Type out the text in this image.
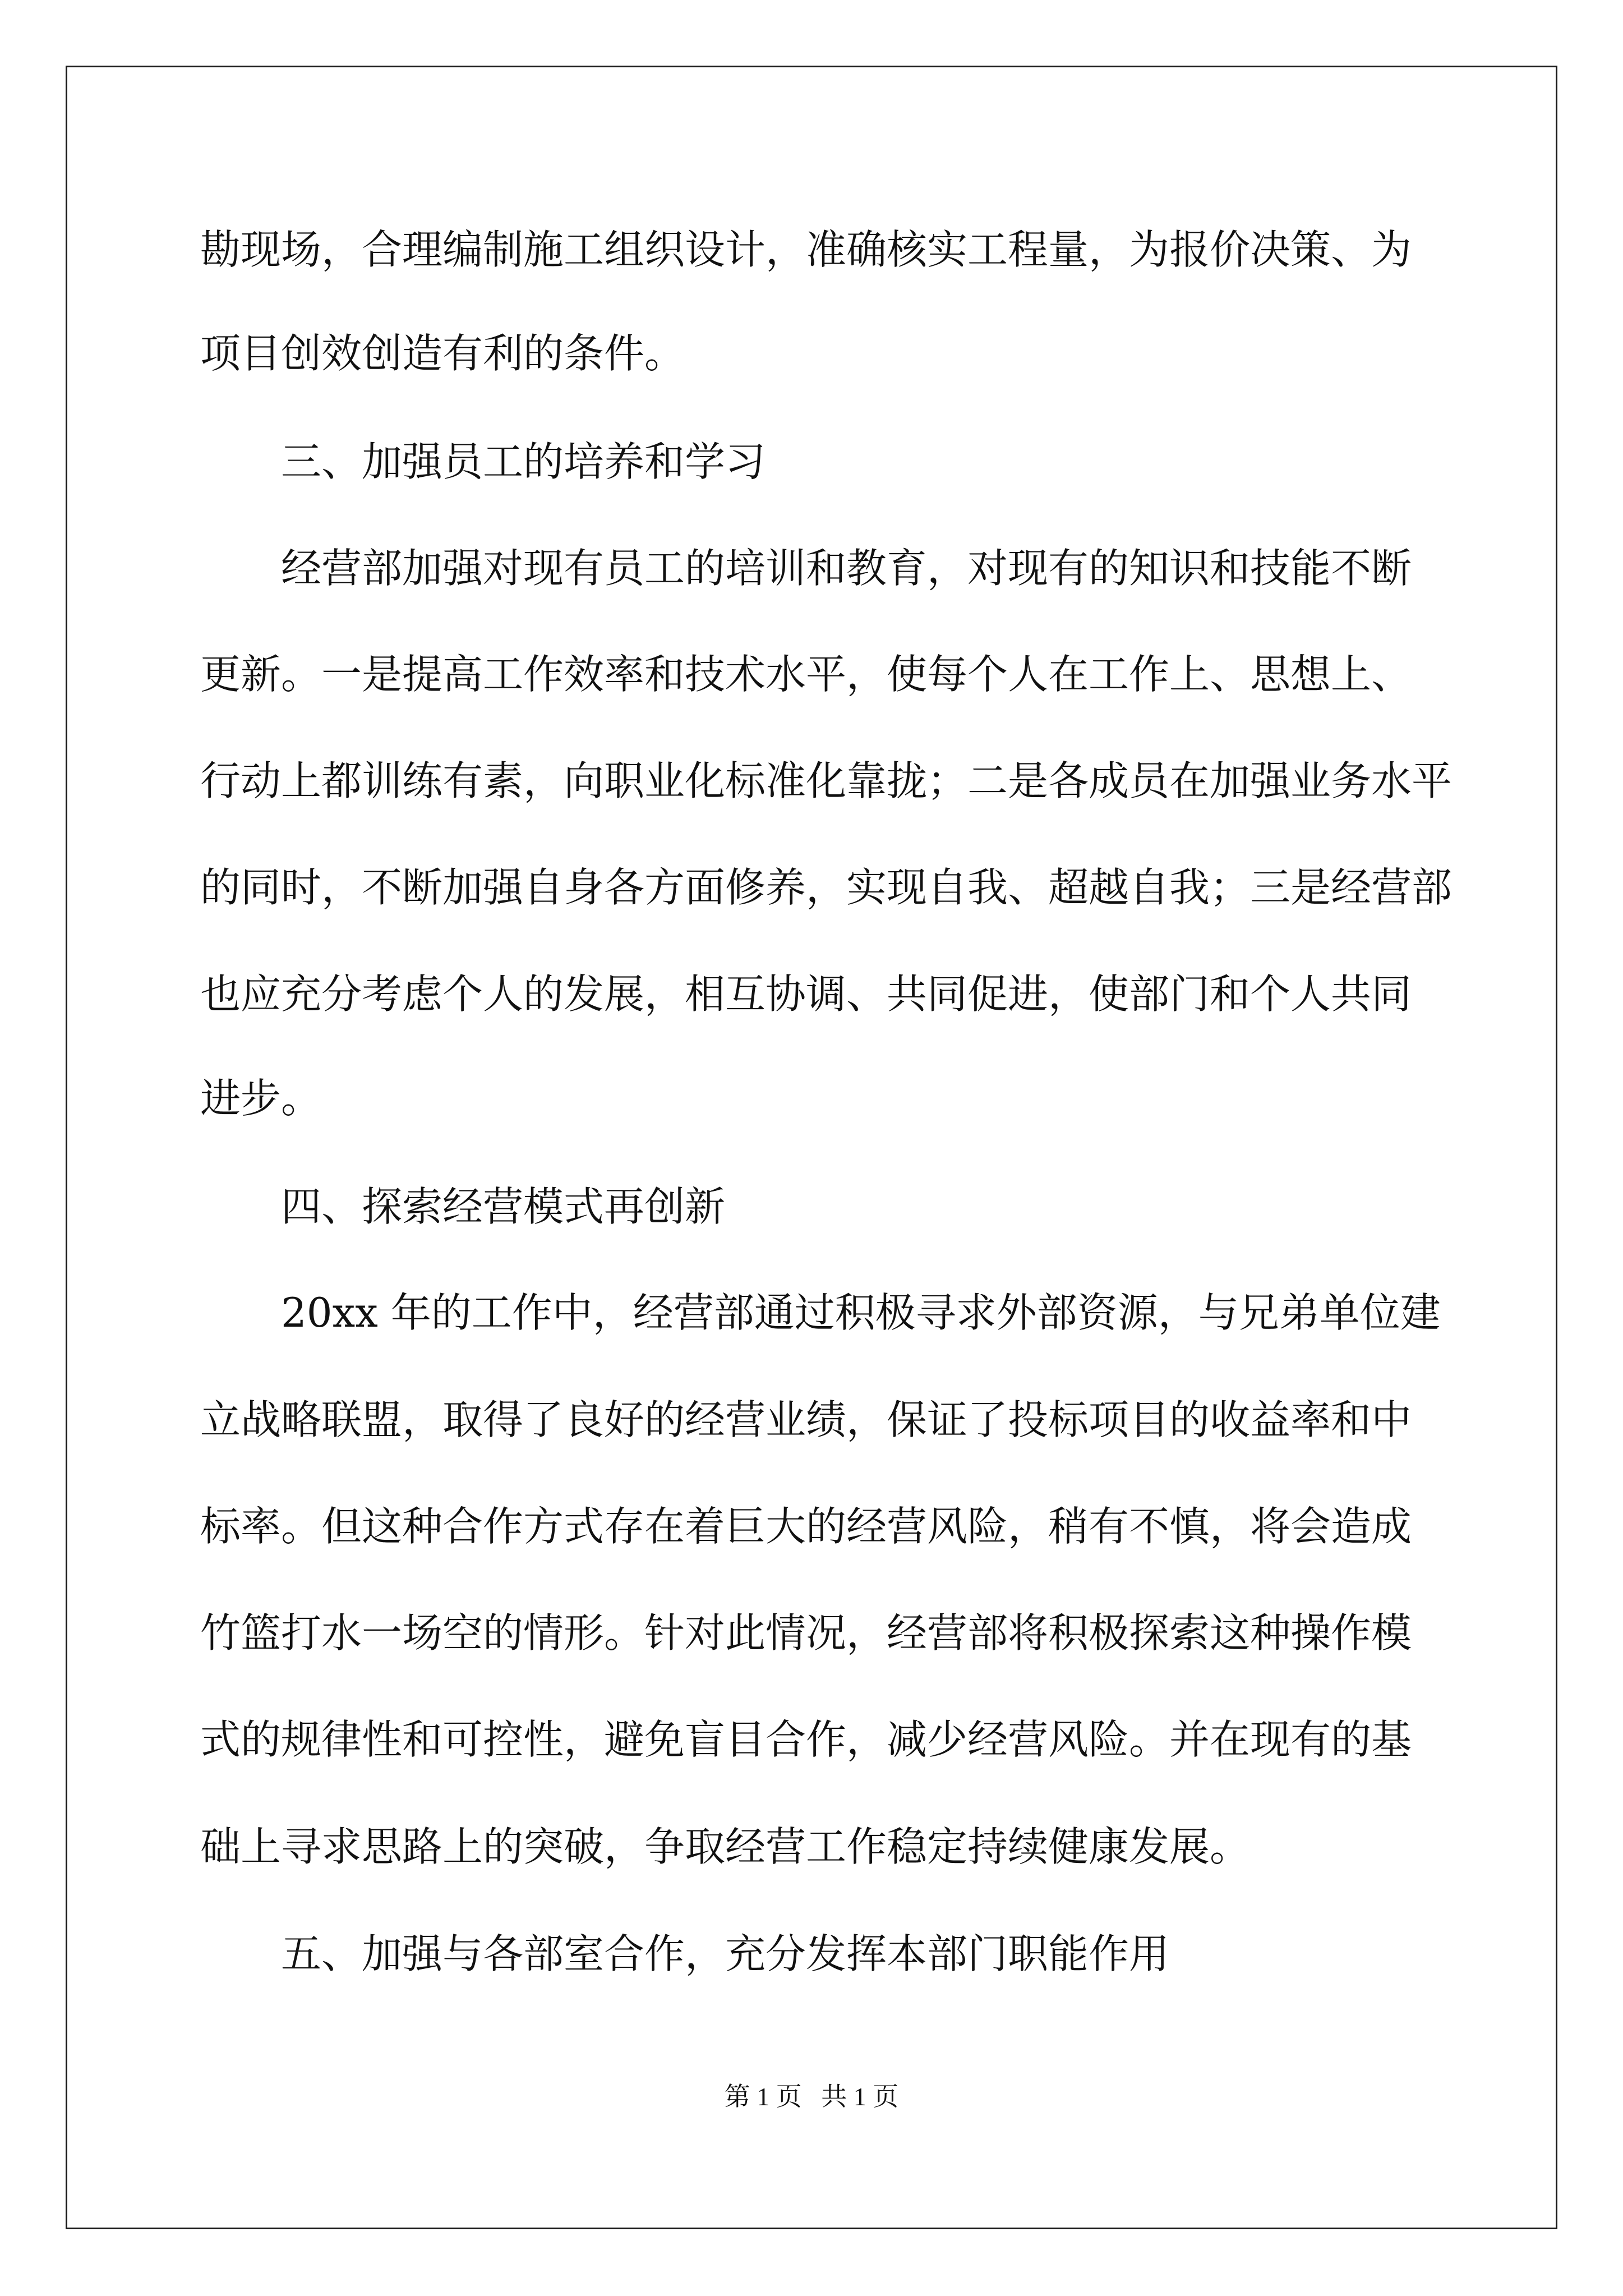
勘现场，合理编制施工组织设计，准确核实工程量，为报价决策、为

项目创效创造有利的条件。

三、加强员工的培养和学习

经营部加强对现有员工的培训和教育，对现有的知识和技能不断

更新。一是提高工作效率和技术水平，使每个人在工作上、思想上、

行动上都训练有素，向职业化标准化靠拢；二是各成员在加强业务水平

的同时，不断加强自身各方面修养，实现自我、超越自我；三是经营部

也应充分考虑个人的发展，相互协调、共同促进，使部门和个人共同

进步。

四、探索经营模式再创新

20xx 年的工作中，经营部通过积极寻求外部资源，与兄弟单位建

立战略联盟，取得了良好的经营业绩，保证了投标项目的收益率和中

标率。但这种合作方式存在着巨大的经营风险，稍有不慎，将会造成

竹篮打水一场空的情形。针对此情况，经营部将积极探索这种操作模

式的规律性和可控性，避免盲目合作，减少经营风险。并在现有的基

础上寻求思路上的突破，争取经营工作稳定持续健康发展。

五、加强与各部室合作，充分发挥本部门职能作用

第 1 页   共 1 页
